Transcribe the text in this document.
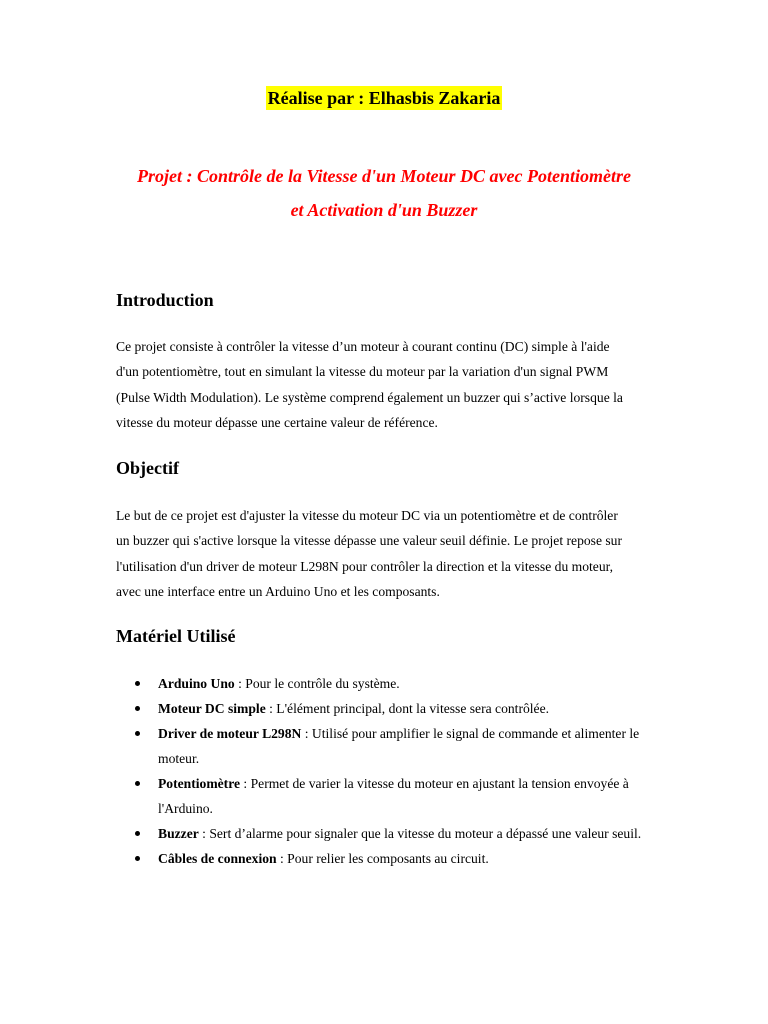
Réalise par : Elhasbis Zakaria
Projet : Contrôle de la Vitesse d'un Moteur DC avec Potentiomètre
et Activation d'un Buzzer
Introduction

Ce projet consiste à contrôler la vitesse d’un moteur à courant continu (DC) simple à l'aide
d'un potentiomètre, tout en simulant la vitesse du moteur par la variation d'un signal PWM
(Pulse Width Modulation). Le système comprend également un buzzer qui s’active lorsque la
vitesse du moteur dépasse une certaine valeur de référence.

Objectif

Le but de ce projet est d'ajuster la vitesse du moteur DC via un potentiomètre et de contrôler
un buzzer qui s'active lorsque la vitesse dépasse une valeur seuil définie. Le projet repose sur
l'utilisation d'un driver de moteur L298N pour contrôler la direction et la vitesse du moteur,
avec une interface entre un Arduino Uno et les composants.

Matériel Utilisé
Arduino Uno : Pour le contrôle du système.
Moteur DC simple : L'élément principal, dont la vitesse sera contrôlée.
Driver de moteur L298N : Utilisé pour amplifier le signal de commande et alimenter le moteur.
Potentiomètre : Permet de varier la vitesse du moteur en ajustant la tension envoyée à l'Arduino.
Buzzer : Sert d’alarme pour signaler que la vitesse du moteur a dépassé une valeur seuil.
Câbles de connexion : Pour relier les composants au circuit.
